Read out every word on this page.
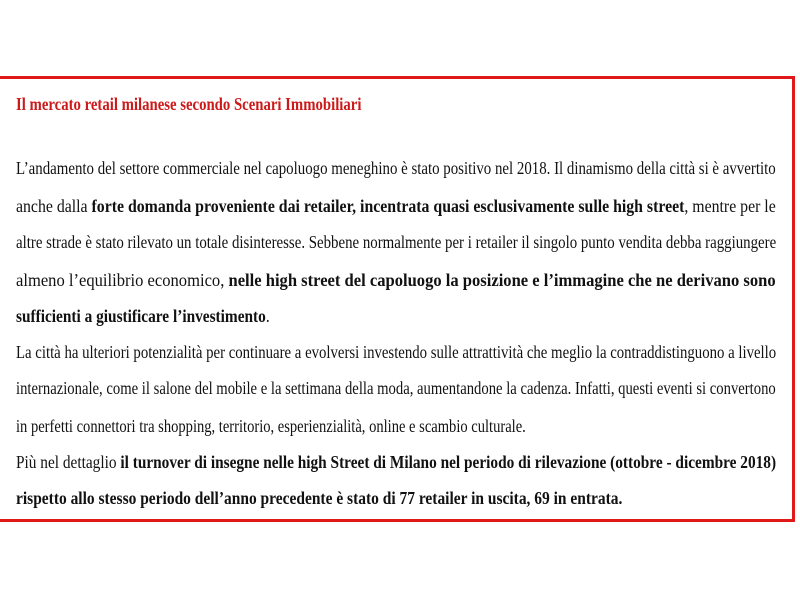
Il mercato retail milanese secondo Scenari Immobiliari
L’andamento del settore commerciale nel capoluogo meneghino è stato positivo nel 2018. Il dinamismo della città si è avvertito
anche dalla forte domanda proveniente dai retailer, incentrata quasi esclusivamente sulle high street, mentre per le
altre strade è stato rilevato un totale disinteresse. Sebbene normalmente per i retailer il singolo punto vendita debba raggiungere
almeno l’equilibrio economico, nelle high street del capoluogo la posizione e l’immagine che ne derivano sono
sufficienti a giustificare l’investimento.
La città ha ulteriori potenzialità per continuare a evolversi investendo sulle attrattività che meglio la contraddistinguono a livello
internazionale, come il salone del mobile e la settimana della moda, aumentandone la cadenza. Infatti, questi eventi si convertono
in perfetti connettori tra shopping, territorio, esperienzialità, online e scambio culturale.
Più nel dettaglio il turnover di insegne nelle high Street di Milano nel periodo di rilevazione (ottobre - dicembre 2018)
rispetto allo stesso periodo dell’anno precedente è stato di 77 retailer in uscita, 69 in entrata.
